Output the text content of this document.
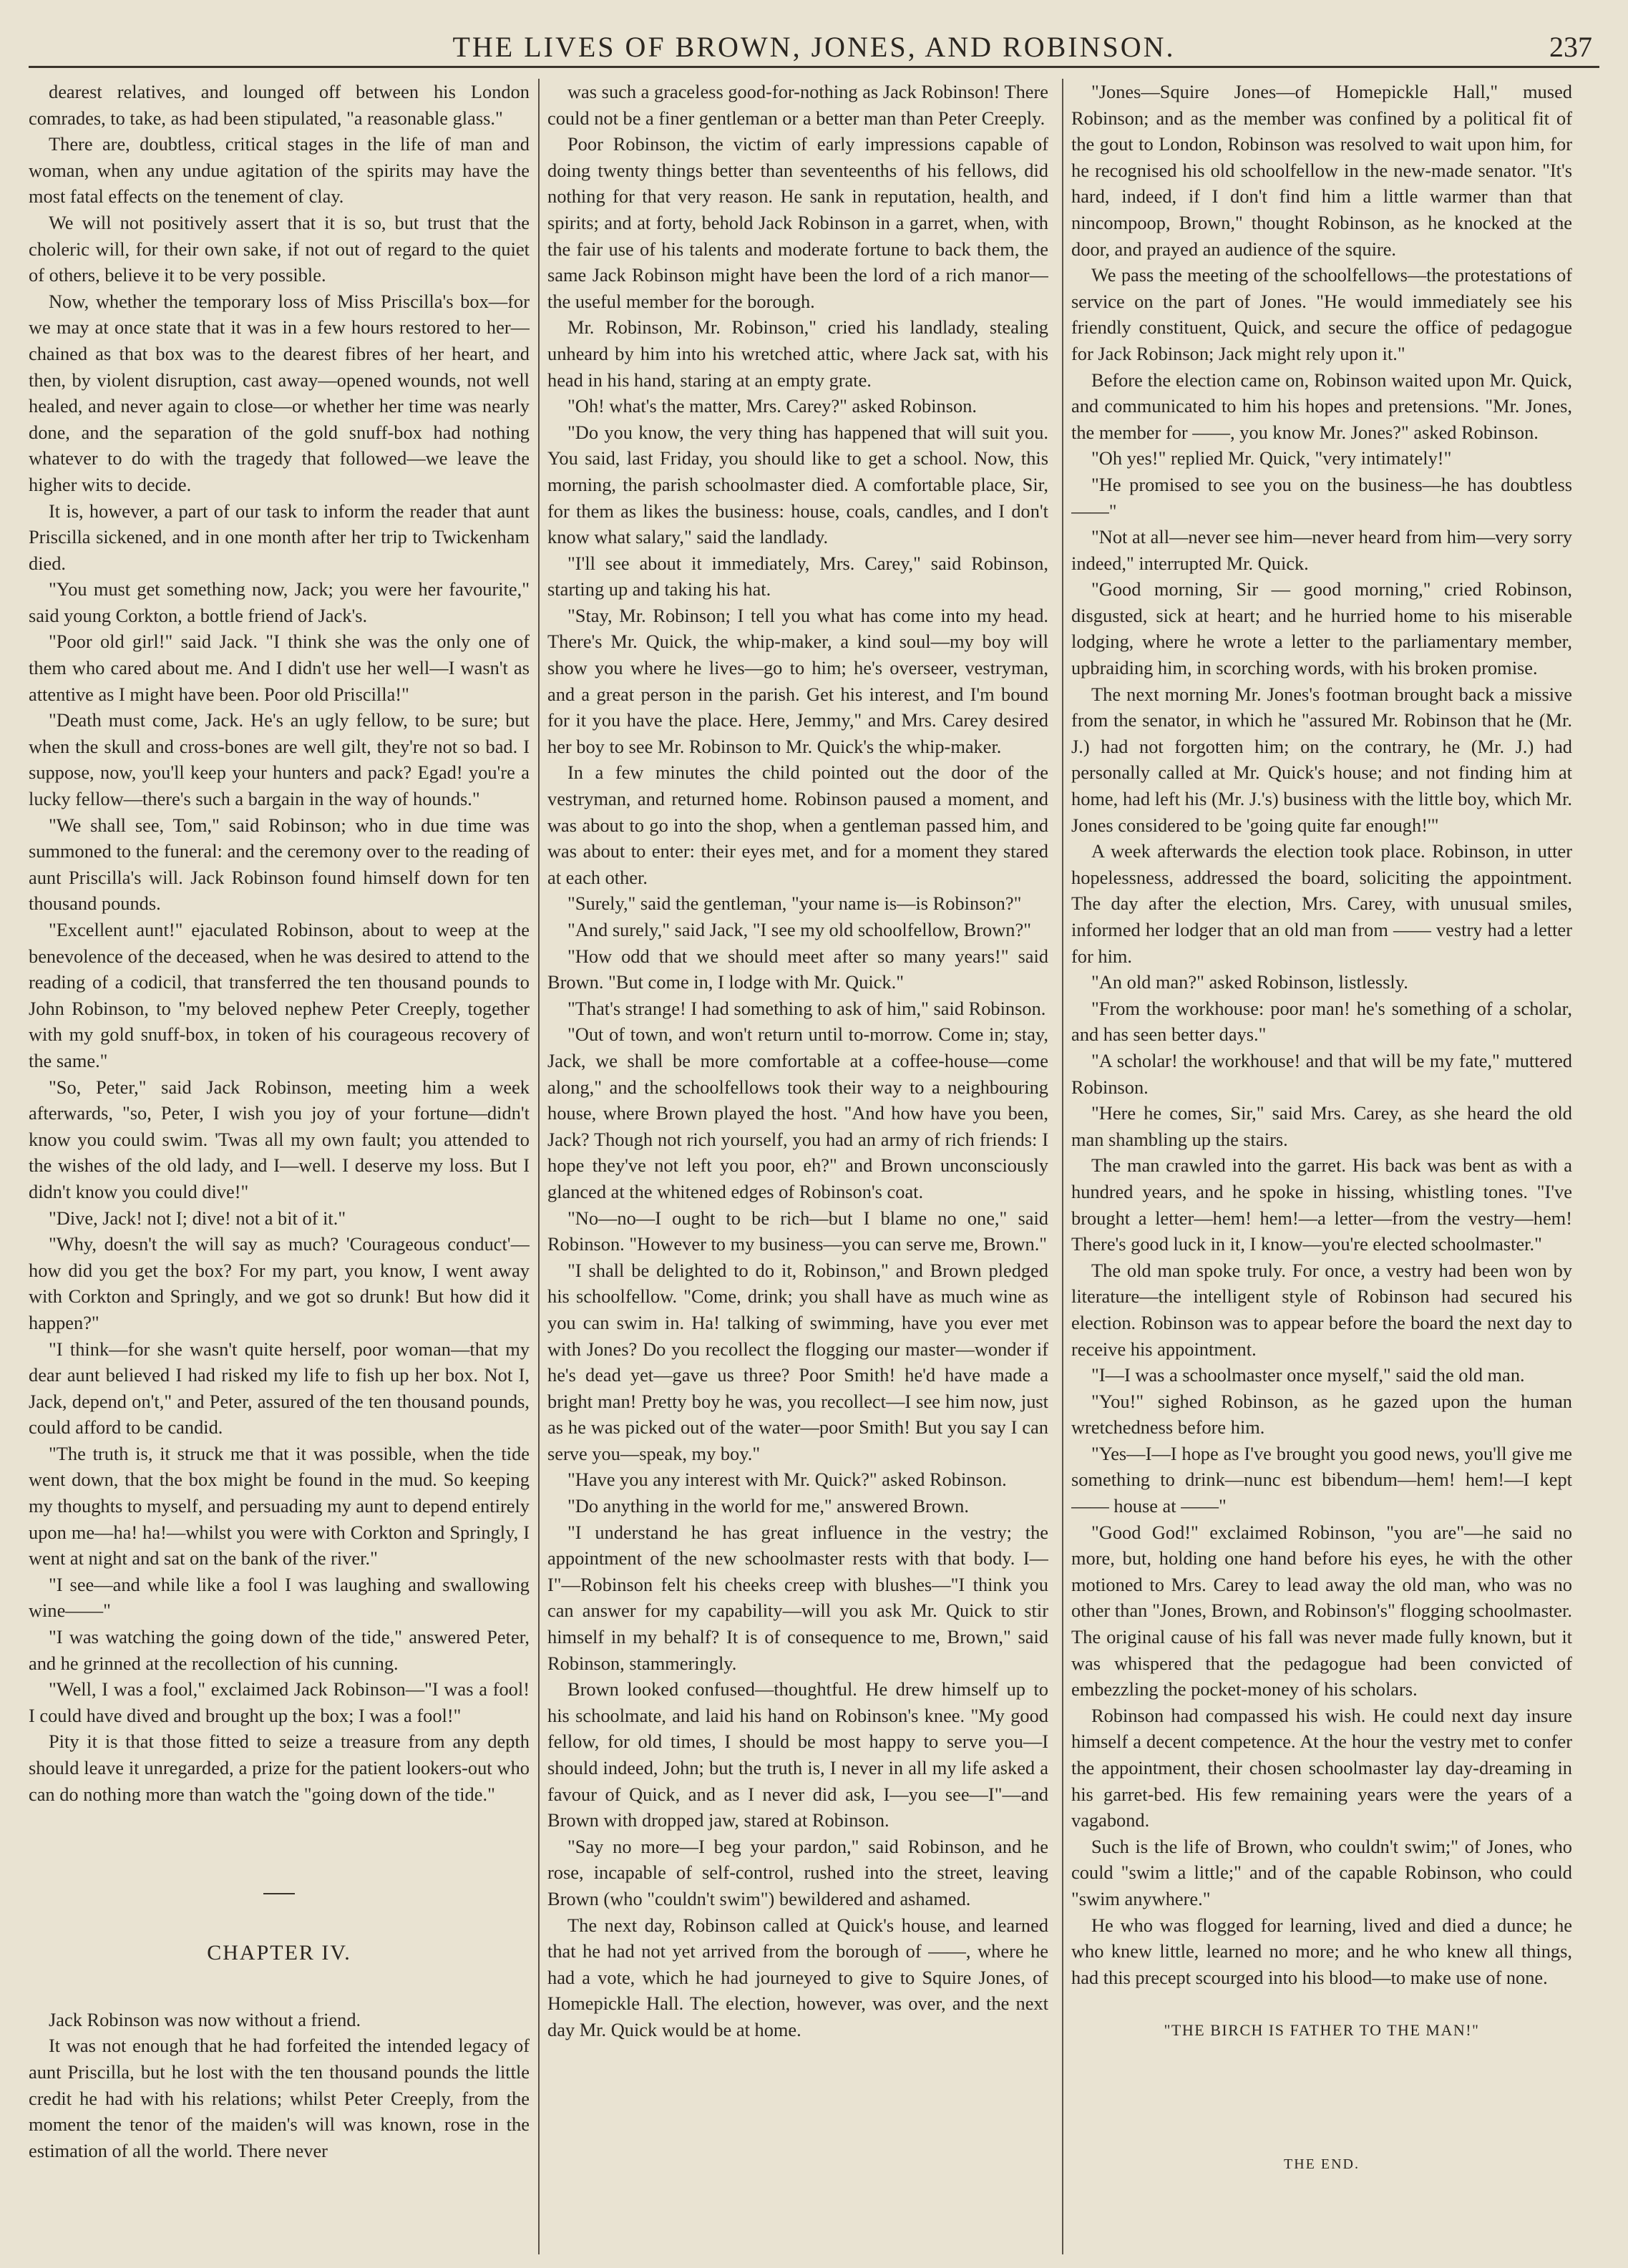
THE LIVES OF BROWN, JONES, AND ROBINSON.	237

dearest relatives, and lounged off between his London comrades, to take, as had been stipulated, "a reasonable glass."

There are, doubtless, critical stages in the life of man and woman, when any undue agitation of the spirits may have the most fatal effects on the tenement of clay.

We will not positively assert that it is so, but trust that the choleric will, for their own sake, if not out of regard to the quiet of others, believe it to be very possible.

Now, whether the temporary loss of Miss Priscilla's box—for we may at once state that it was in a few hours restored to her—chained as that box was to the dearest fibres of her heart, and then, by violent disruption, cast away—opened wounds, not well healed, and never again to close—or whether her time was nearly done, and the separation of the gold snuff-box had nothing whatever to do with the tragedy that followed—we leave the higher wits to decide.

It is, however, a part of our task to inform the reader that aunt Priscilla sickened, and in one month after her trip to Twickenham died.

"You must get something now, Jack; you were her favourite," said young Corkton, a bottle friend of Jack's.

"Poor old girl!" said Jack. "I think she was the only one of them who cared about me. And I didn't use her well—I wasn't as attentive as I might have been. Poor old Priscilla!"

"Death must come, Jack. He's an ugly fellow, to be sure; but when the skull and cross-bones are well gilt, they're not so bad. I suppose, now, you'll keep your hunters and pack? Egad! you're a lucky fellow—there's such a bargain in the way of hounds."

"We shall see, Tom," said Robinson; who in due time was summoned to the funeral: and the ceremony over to the reading of aunt Priscilla's will. Jack Robinson found himself down for ten thousand pounds.

"Excellent aunt!" ejaculated Robinson, about to weep at the benevolence of the deceased, when he was desired to attend to the reading of a codicil, that transferred the ten thousand pounds to John Robinson, to "my beloved nephew Peter Creeply, together with my gold snuff-box, in token of his courageous recovery of the same."

"So, Peter," said Jack Robinson, meeting him a week afterwards, "so, Peter, I wish you joy of your fortune—didn't know you could swim. 'Twas all my own fault; you attended to the wishes of the old lady, and I—well. I deserve my loss. But I didn't know you could dive!"

"Dive, Jack! not I; dive! not a bit of it."

"Why, doesn't the will say as much? 'Courageous conduct'—how did you get the box? For my part, you know, I went away with Corkton and Springly, and we got so drunk! But how did it happen?"

"I think—for she wasn't quite herself, poor woman—that my dear aunt believed I had risked my life to fish up her box. Not I, Jack, depend on't," and Peter, assured of the ten thousand pounds, could afford to be candid.

"The truth is, it struck me that it was possible, when the tide went down, that the box might be found in the mud. So keeping my thoughts to myself, and persuading my aunt to depend entirely upon me—ha! ha!—whilst you were with Corkton and Springly, I went at night and sat on the bank of the river."

"I see—and while like a fool I was laughing and swallowing wine——"

"I was watching the going down of the tide," answered Peter, and he grinned at the recollection of his cunning.

"Well, I was a fool," exclaimed Jack Robinson—"I was a fool! I could have dived and brought up the box; I was a fool!"

Pity it is that those fitted to seize a treasure from any depth should leave it unregarded, a prize for the patient lookers-out who can do nothing more than watch the "going down of the tide."

CHAPTER IV.

Jack Robinson was now without a friend.

It was not enough that he had forfeited the intended legacy of aunt Priscilla, but he lost with the ten thousand pounds the little credit he had with his relations; whilst Peter Creeply, from the moment the tenor of the maiden's will was known, rose in the estimation of all the world. There never

was such a graceless good-for-nothing as Jack Robinson! There could not be a finer gentleman or a better man than Peter Creeply.

Poor Robinson, the victim of early impressions capable of doing twenty things better than seventeenths of his fellows, did nothing for that very reason. He sank in reputation, health, and spirits; and at forty, behold Jack Robinson in a garret, when, with the fair use of his talents and moderate fortune to back them, the same Jack Robinson might have been the lord of a rich manor—the useful member for the borough.

Mr. Robinson, Mr. Robinson," cried his landlady, stealing unheard by him into his wretched attic, where Jack sat, with his head in his hand, staring at an empty grate.

"Oh! what's the matter, Mrs. Carey?" asked Robinson.

"Do you know, the very thing has happened that will suit you. You said, last Friday, you should like to get a school. Now, this morning, the parish schoolmaster died. A comfortable place, Sir, for them as likes the business: house, coals, candles, and I don't know what salary," said the landlady.

"I'll see about it immediately, Mrs. Carey," said Robinson, starting up and taking his hat.

"Stay, Mr. Robinson; I tell you what has come into my head. There's Mr. Quick, the whip-maker, a kind soul—my boy will show you where he lives—go to him; he's overseer, vestryman, and a great person in the parish. Get his interest, and I'm bound for it you have the place. Here, Jemmy," and Mrs. Carey desired her boy to see Mr. Robinson to Mr. Quick's the whip-maker.

In a few minutes the child pointed out the door of the vestryman, and returned home. Robinson paused a moment, and was about to go into the shop, when a gentleman passed him, and was about to enter: their eyes met, and for a moment they stared at each other.

"Surely," said the gentleman, "your name is—is Robinson?"

"And surely," said Jack, "I see my old schoolfellow, Brown?"

"How odd that we should meet after so many years!" said Brown. "But come in, I lodge with Mr. Quick."

"That's strange! I had something to ask of him," said Robinson.

"Out of town, and won't return until to-morrow. Come in; stay, Jack, we shall be more comfortable at a coffee-house—come along," and the schoolfellows took their way to a neighbouring house, where Brown played the host. "And how have you been, Jack? Though not rich yourself, you had an army of rich friends: I hope they've not left you poor, eh?" and Brown unconsciously glanced at the whitened edges of Robinson's coat.

"No—no—I ought to be rich—but I blame no one," said Robinson. "However to my business—you can serve me, Brown."

"I shall be delighted to do it, Robinson," and Brown pledged his schoolfellow. "Come, drink; you shall have as much wine as you can swim in. Ha! talking of swimming, have you ever met with Jones? Do you recollect the flogging our master—wonder if he's dead yet—gave us three? Poor Smith! he'd have made a bright man! Pretty boy he was, you recollect—I see him now, just as he was picked out of the water—poor Smith! But you say I can serve you—speak, my boy."

"Have you any interest with Mr. Quick?" asked Robinson.

"Do anything in the world for me," answered Brown.

"I understand he has great influence in the vestry; the appointment of the new schoolmaster rests with that body. I—I"—Robinson felt his cheeks creep with blushes—"I think you can answer for my capability—will you ask Mr. Quick to stir himself in my behalf? It is of consequence to me, Brown," said Robinson, stammeringly.

Brown looked confused—thoughtful. He drew himself up to his schoolmate, and laid his hand on Robinson's knee. "My good fellow, for old times, I should be most happy to serve you—I should indeed, John; but the truth is, I never in all my life asked a favour of Quick, and as I never did ask, I—you see—I"—and Brown with dropped jaw, stared at Robinson.

"Say no more—I beg your pardon," said Robinson, and he rose, incapable of self-control, rushed into the street, leaving Brown (who "couldn't swim") bewildered and ashamed.

The next day, Robinson called at Quick's house, and learned that he had not yet arrived from the borough of ——, where he had a vote, which he had journeyed to give to Squire Jones, of Homepickle Hall. The election, however, was over, and the next day Mr. Quick would be at home.

"Jones—Squire Jones—of Homepickle Hall," mused Robinson; and as the member was confined by a political fit of the gout to London, Robinson was resolved to wait upon him, for he recognised his old schoolfellow in the new-made senator. "It's hard, indeed, if I don't find him a little warmer than that nincompoop, Brown," thought Robinson, as he knocked at the door, and prayed an audience of the squire.

We pass the meeting of the schoolfellows—the protestations of service on the part of Jones. "He would immediately see his friendly constituent, Quick, and secure the office of pedagogue for Jack Robinson; Jack might rely upon it."

Before the election came on, Robinson waited upon Mr. Quick, and communicated to him his hopes and pretensions. "Mr. Jones, the member for ——, you know Mr. Jones?" asked Robinson.

"Oh yes!" replied Mr. Quick, "very intimately!"

"He promised to see you on the business—he has doubtless——"

"Not at all—never see him—never heard from him—very sorry indeed," interrupted Mr. Quick.

"Good morning, Sir — good morning," cried Robinson, disgusted, sick at heart; and he hurried home to his miserable lodging, where he wrote a letter to the parliamentary member, upbraiding him, in scorching words, with his broken promise.

The next morning Mr. Jones's footman brought back a missive from the senator, in which he "assured Mr. Robinson that he (Mr. J.) had not forgotten him; on the contrary, he (Mr. J.) had personally called at Mr. Quick's house; and not finding him at home, had left his (Mr. J.'s) business with the little boy, which Mr. Jones considered to be 'going quite far enough!'"

A week afterwards the election took place. Robinson, in utter hopelessness, addressed the board, soliciting the appointment. The day after the election, Mrs. Carey, with unusual smiles, informed her lodger that an old man from —— vestry had a letter for him.

"An old man?" asked Robinson, listlessly.

"From the workhouse: poor man! he's something of a scholar, and has seen better days."

"A scholar! the workhouse! and that will be my fate," muttered Robinson.

"Here he comes, Sir," said Mrs. Carey, as she heard the old man shambling up the stairs.

The man crawled into the garret. His back was bent as with a hundred years, and he spoke in hissing, whistling tones. "I've brought a letter—hem! hem!—a letter—from the vestry—hem! There's good luck in it, I know—you're elected schoolmaster."

The old man spoke truly. For once, a vestry had been won by literature—the intelligent style of Robinson had secured his election. Robinson was to appear before the board the next day to receive his appointment.

"I—I was a schoolmaster once myself," said the old man.

"You!" sighed Robinson, as he gazed upon the human wretchedness before him.

"Yes—I—I hope as I've brought you good news, you'll give me something to drink—nunc est bibendum—hem! hem!—I kept —— house at ——"

"Good God!" exclaimed Robinson, "you are"—he said no more, but, holding one hand before his eyes, he with the other motioned to Mrs. Carey to lead away the old man, who was no other than "Jones, Brown, and Robinson's" flogging schoolmaster. The original cause of his fall was never made fully known, but it was whispered that the pedagogue had been convicted of embezzling the pocket-money of his scholars.

Robinson had compassed his wish. He could next day insure himself a decent competence. At the hour the vestry met to confer the appointment, their chosen schoolmaster lay day-dreaming in his garret-bed. His few remaining years were the years of a vagabond.

Such is the life of Brown, who couldn't swim;" of Jones, who could "swim a little;" and of the capable Robinson, who could "swim anywhere."

He who was flogged for learning, lived and died a dunce; he who knew little, learned no more; and he who knew all things, had this precept scourged into his blood—to make use of none.

"THE BIRCH IS FATHER TO THE MAN!"
THE END.
